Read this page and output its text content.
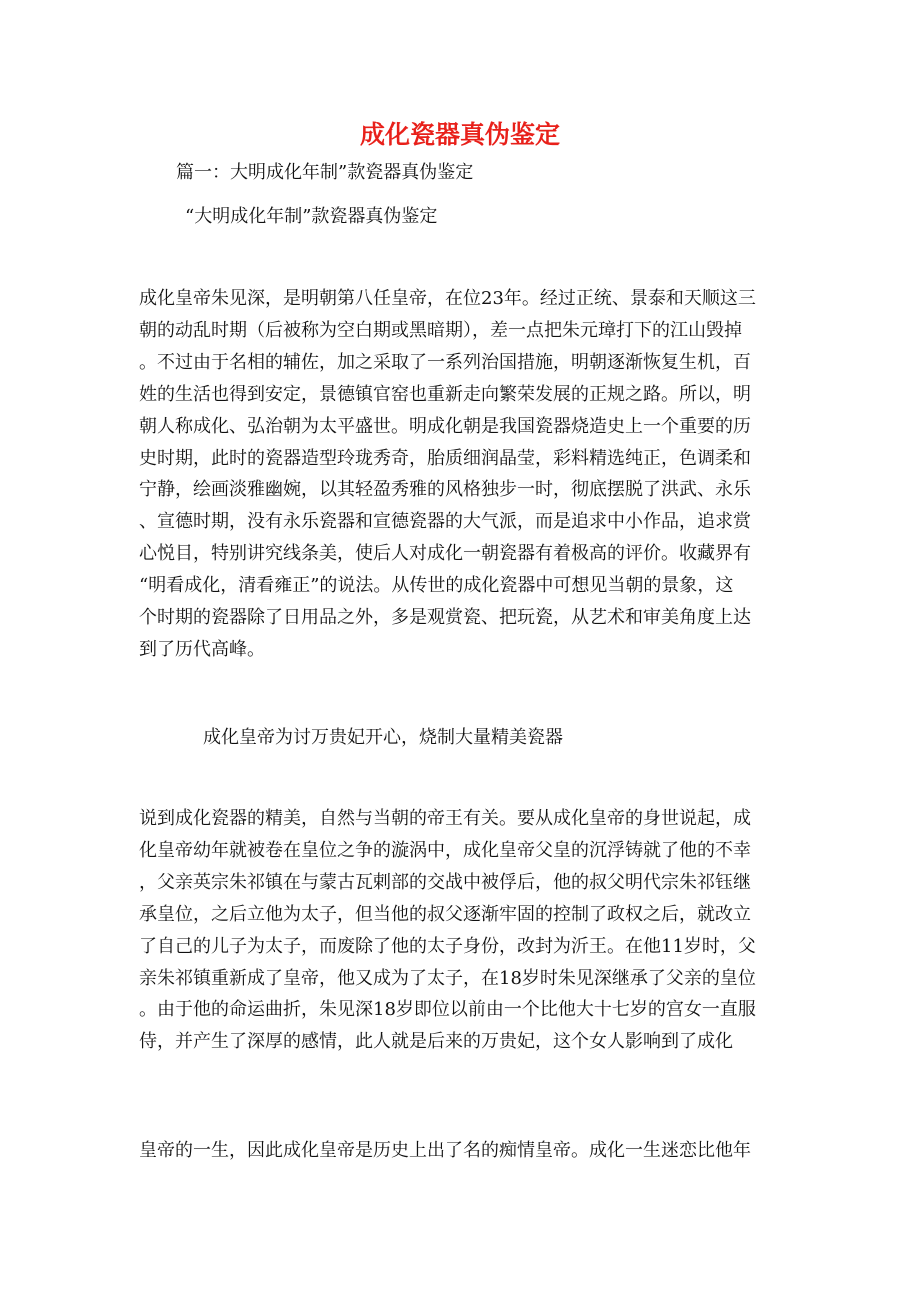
成化瓷器真伪鉴定
篇一：大明成化年制”款瓷器真伪鉴定
“大明成化年制”款瓷器真伪鉴定
成化皇帝朱见深，是明朝第八任皇帝，在位23年。经过正统、景泰和天顺这三
朝的动乱时期（后被称为空白期或黑暗期），差一点把朱元璋打下的江山毁掉
。不过由于名相的辅佐，加之采取了一系列治国措施，明朝逐渐恢复生机，百
姓的生活也得到安定，景德镇官窑也重新走向繁荣发展的正规之路。所以，明
朝人称成化、弘治朝为太平盛世。明成化朝是我国瓷器烧造史上一个重要的历
史时期，此时的瓷器造型玲珑秀奇，胎质细润晶莹，彩料精选纯正，色调柔和
宁静，绘画淡雅幽婉，以其轻盈秀雅的风格独步一时，彻底摆脱了洪武、永乐
、宣德时期，没有永乐瓷器和宣德瓷器的大气派，而是追求中小作品，追求赏
心悦目，特别讲究线条美，使后人对成化一朝瓷器有着极高的评价。收藏界有
“明看成化，清看雍正”的说法。从传世的成化瓷器中可想见当朝的景象，这
个时期的瓷器除了日用品之外，多是观赏瓷、把玩瓷，从艺术和审美角度上达
到了历代高峰。
成化皇帝为讨万贵妃开心，烧制大量精美瓷器
说到成化瓷器的精美，自然与当朝的帝王有关。要从成化皇帝的身世说起，成
化皇帝幼年就被卷在皇位之争的漩涡中，成化皇帝父皇的沉浮铸就了他的不幸
，父亲英宗朱祁镇在与蒙古瓦剌部的交战中被俘后，他的叔父明代宗朱祁钰继
承皇位，之后立他为太子，但当他的叔父逐渐牢固的控制了政权之后，就改立
了自己的儿子为太子，而废除了他的太子身份，改封为沂王。在他11岁时，父
亲朱祁镇重新成了皇帝，他又成为了太子，在18岁时朱见深继承了父亲的皇位
。由于他的命运曲折，朱见深18岁即位以前由一个比他大十七岁的宫女一直服
侍，并产生了深厚的感情，此人就是后来的万贵妃，这个女人影响到了成化
皇帝的一生，因此成化皇帝是历史上出了名的痴情皇帝。成化一生迷恋比他年
